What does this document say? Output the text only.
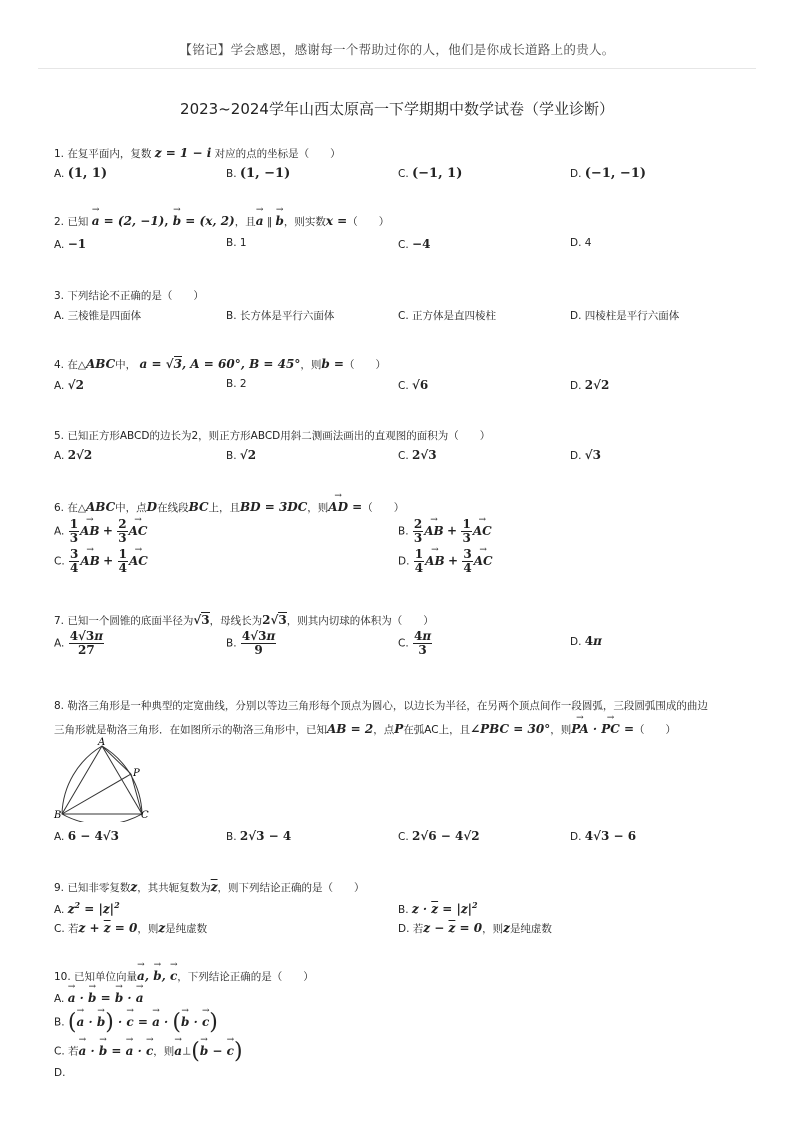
【铭记】学会感恩，感谢每一个帮助过你的人，他们是你成长道路上的贵人。
2023~2024学年山西太原高一下学期期中数学试卷（学业诊断）
1. 在复平面内，复数 z = 1 − i 对应的点的坐标是（　　）
A. (1, 1)	B. (1, −1)	C. (−1, 1)	D. (−1, −1)
2. 已知 → a = (2, −1), → b = (x, 2)，且→ a ∥ → b，则实数x =（　　）
A. −1	B. 1	C. −4	D. 4
3. 下列结论不正确的是（　　）
A. 三棱锥是四面体	B. 长方体是平行六面体	C. 正方体是直四棱柱	D. 四棱柱是平行六面体
4. 在△ABC中， a = √3, A = 60°, B = 45°，则b =（　　）
A. √2	B. 2	C. √6	D. 2√2
5. 已知正方形ABCD的边长为2，则正方形ABCD用斜二测画法画出的直观图的面积为（　　）
A. 2√2	B. √2	C. 2√3	D. √3
6. 在△ABC中，点D在线段BC上，且BD = 3DC，则→ AD =（　　）
A. $\frac{1}{3}$ → AB + $\frac{2}{3}$ → AC	B. $\frac{2}{3}$ → AB + $\frac{1}{3}$ → AC
C. $\frac{3}{4}$ → AB + $\frac{1}{4}$ → AC	D. $\frac{1}{4}$ → AB + $\frac{3}{4}$ → AC
7. 已知一个圆锥的底面半径为√3，母线长为2√3，则其内切球的体积为（　　）
A. $\frac{4√3\pi}{27}$	B. $\frac{4√3\pi}{9}$	C. $\frac{4\pi}{3}$	D. 4π
8. 勒洛三角形是一种典型的定宽曲线，分别以等边三角形每个顶点为圆心，以边长为半径，在另两个顶点间作一段圆弧，三段圆弧围成的曲边
三角形就是勒洛三角形．在如图所示的勒洛三角形中，已知AB = 2，点P在弧AC上，且∠PBC = 30°，则→ PA · → PC =（　　）
A
B	C
P
A. 6 − 4√3	B. 2√3 − 4	C. 2√6 − 4√2	D. 4√3 − 6
9. 已知非零复数z，其共轭复数为$\overline{z}$，则下列结论正确的是（　　）
A. $z^2 = |z|^2$	B. $z \cdot \overline{z} = |z|^2$
C. 若$z + \overline{z} = 0$，则z是纯虚数	D. 若$z - \overline{z} = 0$，则z是纯虚数
10. 已知单位向量→ a, → b, → c，下列结论正确的是（　　）
A. → a · → b = → b · → a
B. (→ a · → b) · → c = → a · (→ b · → c)
C. 若→ a · → b = → a · → c，则→ a⊥(→ b − → c)
D.
